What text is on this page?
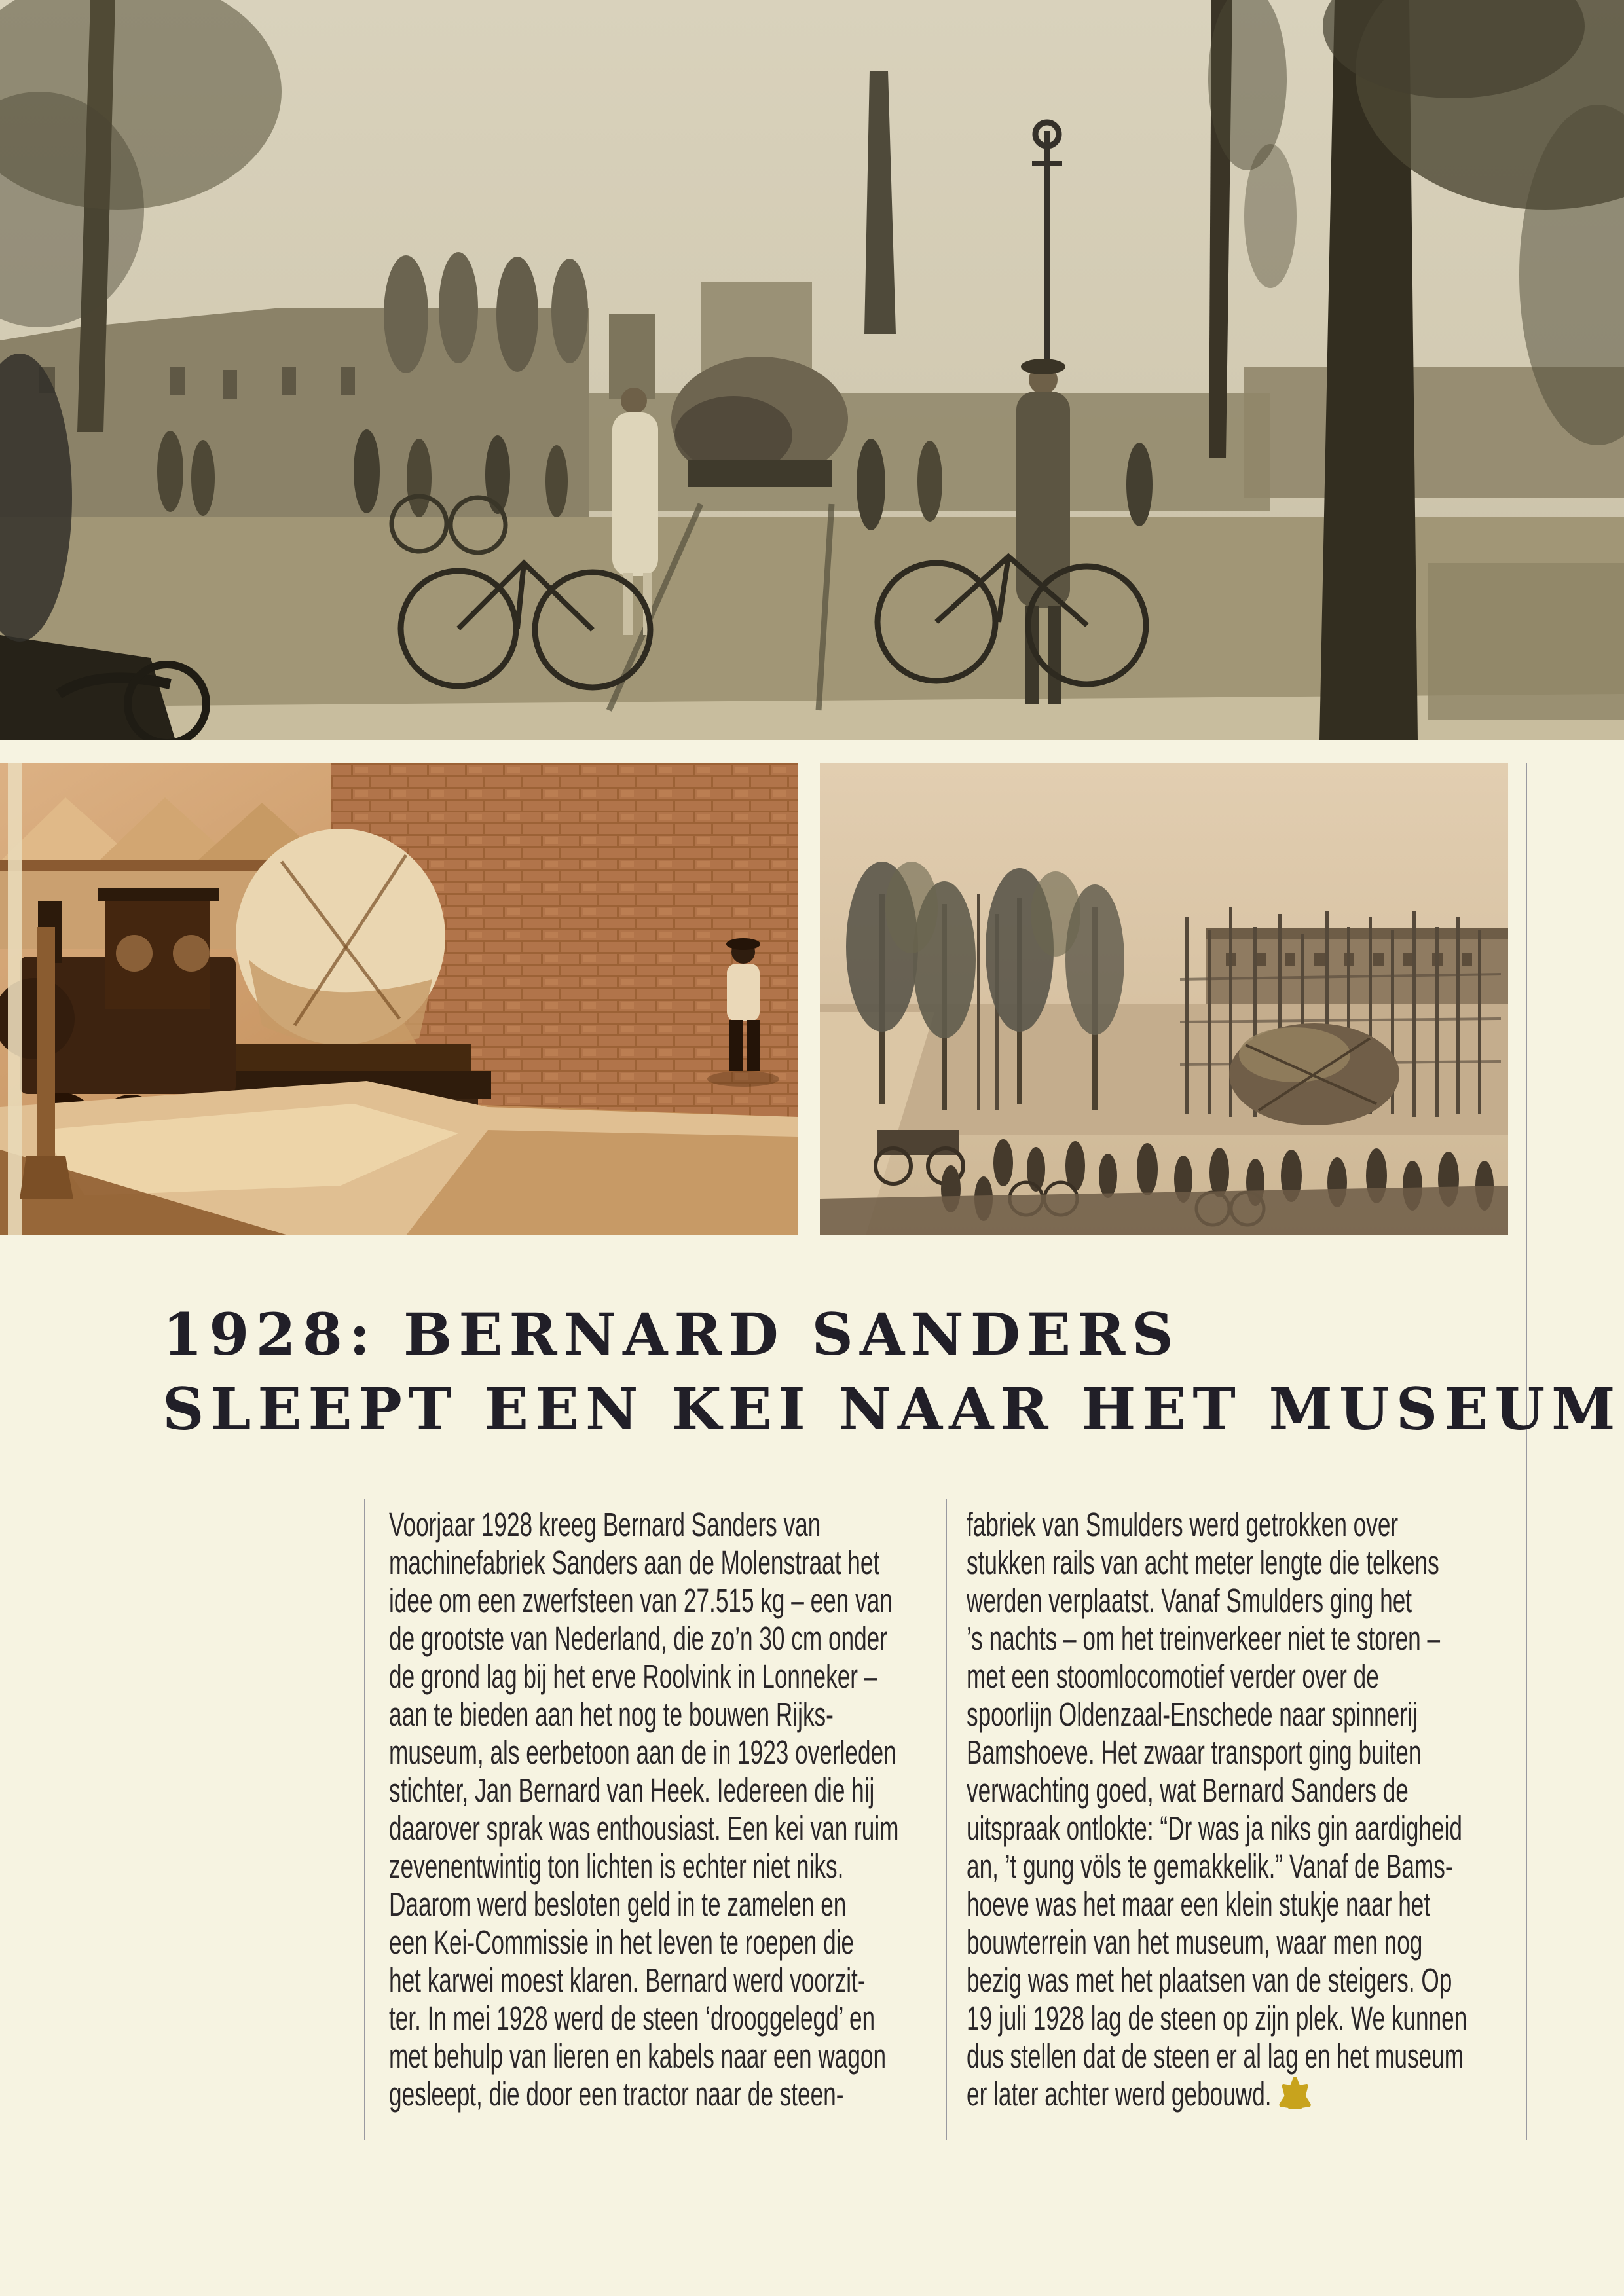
1928: BERNARD SANDERS
SLEEPT EEN KEI NAAR HET MUSEUM
Voorjaar 1928 kreeg Bernard Sanders van
machinefabriek Sanders aan de Molenstraat het
idee om een zwerfsteen van 27.515 kg – een van
de grootste van Nederland, die zo’n 30 cm onder
de grond lag bij het erve Roolvink in Lonneker –
aan te bieden aan het nog te bouwen Rijks-
museum, als eerbetoon aan de in 1923 overleden
stichter, Jan Bernard van Heek. Iedereen die hij
daarover sprak was enthousiast. Een kei van ruim
zevenentwintig ton lichten is echter niet niks.
Daarom werd besloten geld in te zamelen en
een Kei-Commissie in het leven te roepen die
het karwei moest klaren. Bernard werd voorzit-
ter. In mei 1928 werd de steen ‘drooggelegd’ en
met behulp van lieren en kabels naar een wagon
gesleept, die door een tractor naar de steen-
fabriek van Smulders werd getrokken over
stukken rails van acht meter lengte die telkens
werden verplaatst. Vanaf Smulders ging het
’s nachts – om het treinverkeer niet te storen –
met een stoomlocomotief verder over de
spoorlijn Oldenzaal-Enschede naar spinnerij
Bamshoeve. Het zwaar transport ging buiten
verwachting goed, wat Bernard Sanders de
uitspraak ontlokte: “Dr was ja niks gin aardigheid
an, ’t gung völs te gemakkelik.” Vanaf de Bams-
hoeve was het maar een klein stukje naar het
bouwterrein van het museum, waar men nog
bezig was met het plaatsen van de steigers. Op
19 juli 1928 lag de steen op zijn plek. We kunnen
dus stellen dat de steen er al lag en het museum
er later achter werd gebouwd.
